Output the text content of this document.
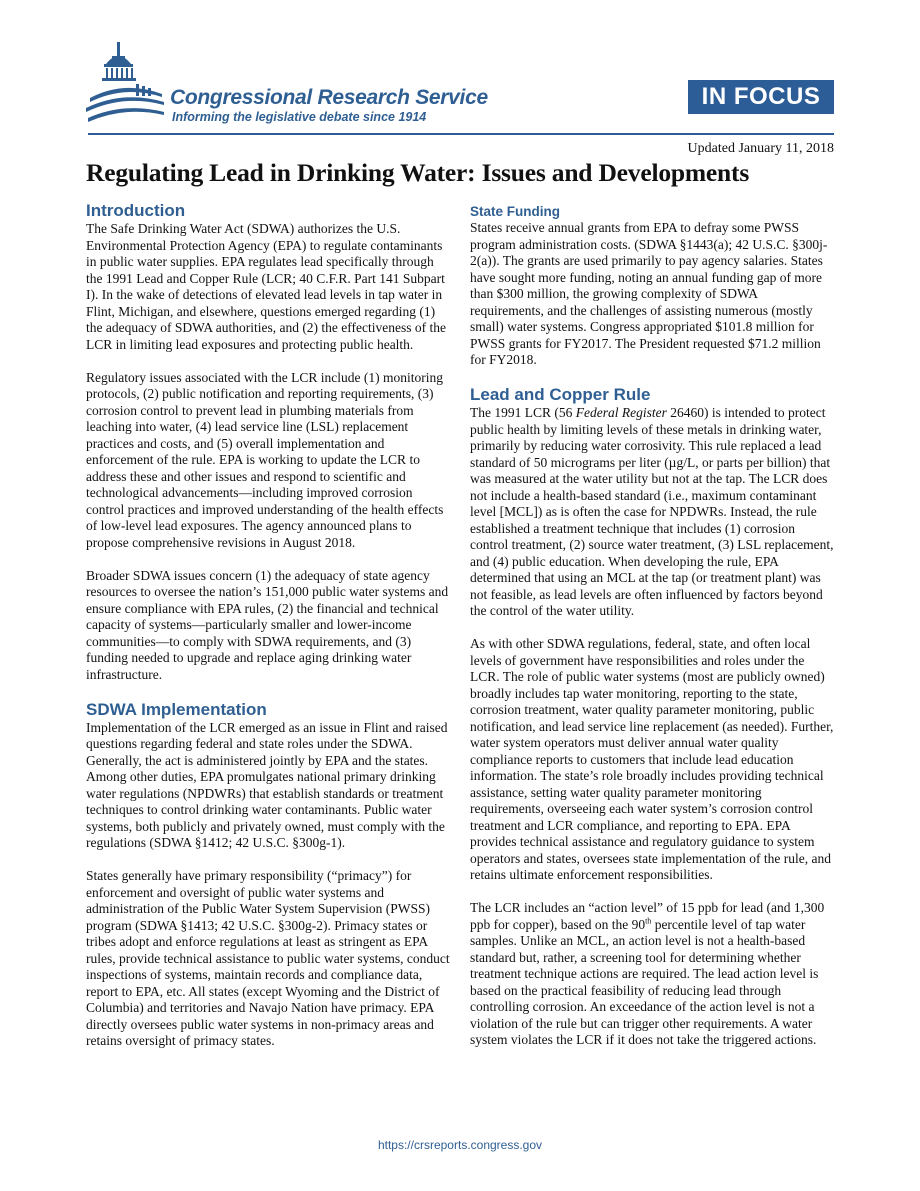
Congressional Research Service
Informing the legislative debate since 1914
IN FOCUS
Updated January 11, 2018
Regulating Lead in Drinking Water: Issues and Developments
Introduction

The Safe Drinking Water Act (SDWA) authorizes the U.S. Environmental Protection Agency (EPA) to regulate contaminants in public water supplies. EPA regulates lead specifically through the 1991 Lead and Copper Rule (LCR; 40 C.F.R. Part 141 Subpart I). In the wake of detections of elevated lead levels in tap water in Flint, Michigan, and elsewhere, questions emerged regarding (1) the adequacy of SDWA authorities, and (2) the effectiveness of the LCR in limiting lead exposures and protecting public health.

Regulatory issues associated with the LCR include (1) monitoring protocols, (2) public notification and reporting requirements, (3) corrosion control to prevent lead in plumbing materials from leaching into water, (4) lead service line (LSL) replacement practices and costs, and (5) overall implementation and enforcement of the rule. EPA is working to update the LCR to address these and other issues and respond to scientific and technological advancements—including improved corrosion control practices and improved understanding of the health effects of low-level lead exposures. The agency announced plans to propose comprehensive revisions in August 2018.

Broader SDWA issues concern (1) the adequacy of state agency resources to oversee the nation’s 151,000 public water systems and ensure compliance with EPA rules, (2) the financial and technical capacity of systems—particularly smaller and lower-income communities—to comply with SDWA requirements, and (3) funding needed to upgrade and replace aging drinking water infrastructure.

SDWA Implementation

Implementation of the LCR emerged as an issue in Flint and raised questions regarding federal and state roles under the SDWA. Generally, the act is administered jointly by EPA and the states. Among other duties, EPA promulgates national primary drinking water regulations (NPDWRs) that establish standards or treatment techniques to control drinking water contaminants. Public water systems, both publicly and privately owned, must comply with the regulations (SDWA §1412; 42 U.S.C. §300g-1).

States generally have primary responsibility (“primacy”) for enforcement and oversight of public water systems and administration of the Public Water System Supervision (PWSS) program (SDWA §1413; 42 U.S.C. §300g-2). Primacy states or tribes adopt and enforce regulations at least as stringent as EPA rules, provide technical assistance to public water systems, conduct inspections of systems, maintain records and compliance data, report to EPA, etc. All states (except Wyoming and the District of Columbia) and territories and Navajo Nation have primacy. EPA directly oversees public water systems in non-primacy areas and retains oversight of primacy states.

State Funding

States receive annual grants from EPA to defray some PWSS program administration costs. (SDWA §1443(a); 42 U.S.C. §300j-2(a)). The grants are used primarily to pay agency salaries. States have sought more funding, noting an annual funding gap of more than $300 million, the growing complexity of SDWA requirements, and the challenges of assisting numerous (mostly small) water systems. Congress appropriated $101.8 million for PWSS grants for FY2017. The President requested $71.2 million for FY2018.

Lead and Copper Rule

The 1991 LCR (56 Federal Register 26460) is intended to protect public health by limiting levels of these metals in drinking water, primarily by reducing water corrosivity. This rule replaced a lead standard of 50 micrograms per liter (µg/L, or parts per billion) that was measured at the water utility but not at the tap. The LCR does not include a health-based standard (i.e., maximum contaminant level [MCL]) as is often the case for NPDWRs. Instead, the rule established a treatment technique that includes (1) corrosion control treatment, (2) source water treatment, (3) LSL replacement, and (4) public education. When developing the rule, EPA determined that using an MCL at the tap (or treatment plant) was not feasible, as lead levels are often influenced by factors beyond the control of the water utility.

As with other SDWA regulations, federal, state, and often local levels of government have responsibilities and roles under the LCR. The role of public water systems (most are publicly owned) broadly includes tap water monitoring, reporting to the state, corrosion treatment, water quality parameter monitoring, public notification, and lead service line replacement (as needed). Further, water system operators must deliver annual water quality compliance reports to customers that include lead education information. The state’s role broadly includes providing technical assistance, setting water quality parameter monitoring requirements, overseeing each water system’s corrosion control treatment and LCR compliance, and reporting to EPA. EPA provides technical assistance and regulatory guidance to system operators and states, oversees state implementation of the rule, and retains ultimate enforcement responsibilities.

The LCR includes an “action level” of 15 ppb for lead (and 1,300 ppb for copper), based on the 90th percentile level of tap water samples. Unlike an MCL, an action level is not a health-based standard but, rather, a screening tool for determining whether treatment technique actions are required. The lead action level is based on the practical feasibility of reducing lead through controlling corrosion. An exceedance of the action level is not a violation of the rule but can trigger other requirements. A water system violates the LCR if it does not take the triggered actions.

https://crsreports.congress.gov
